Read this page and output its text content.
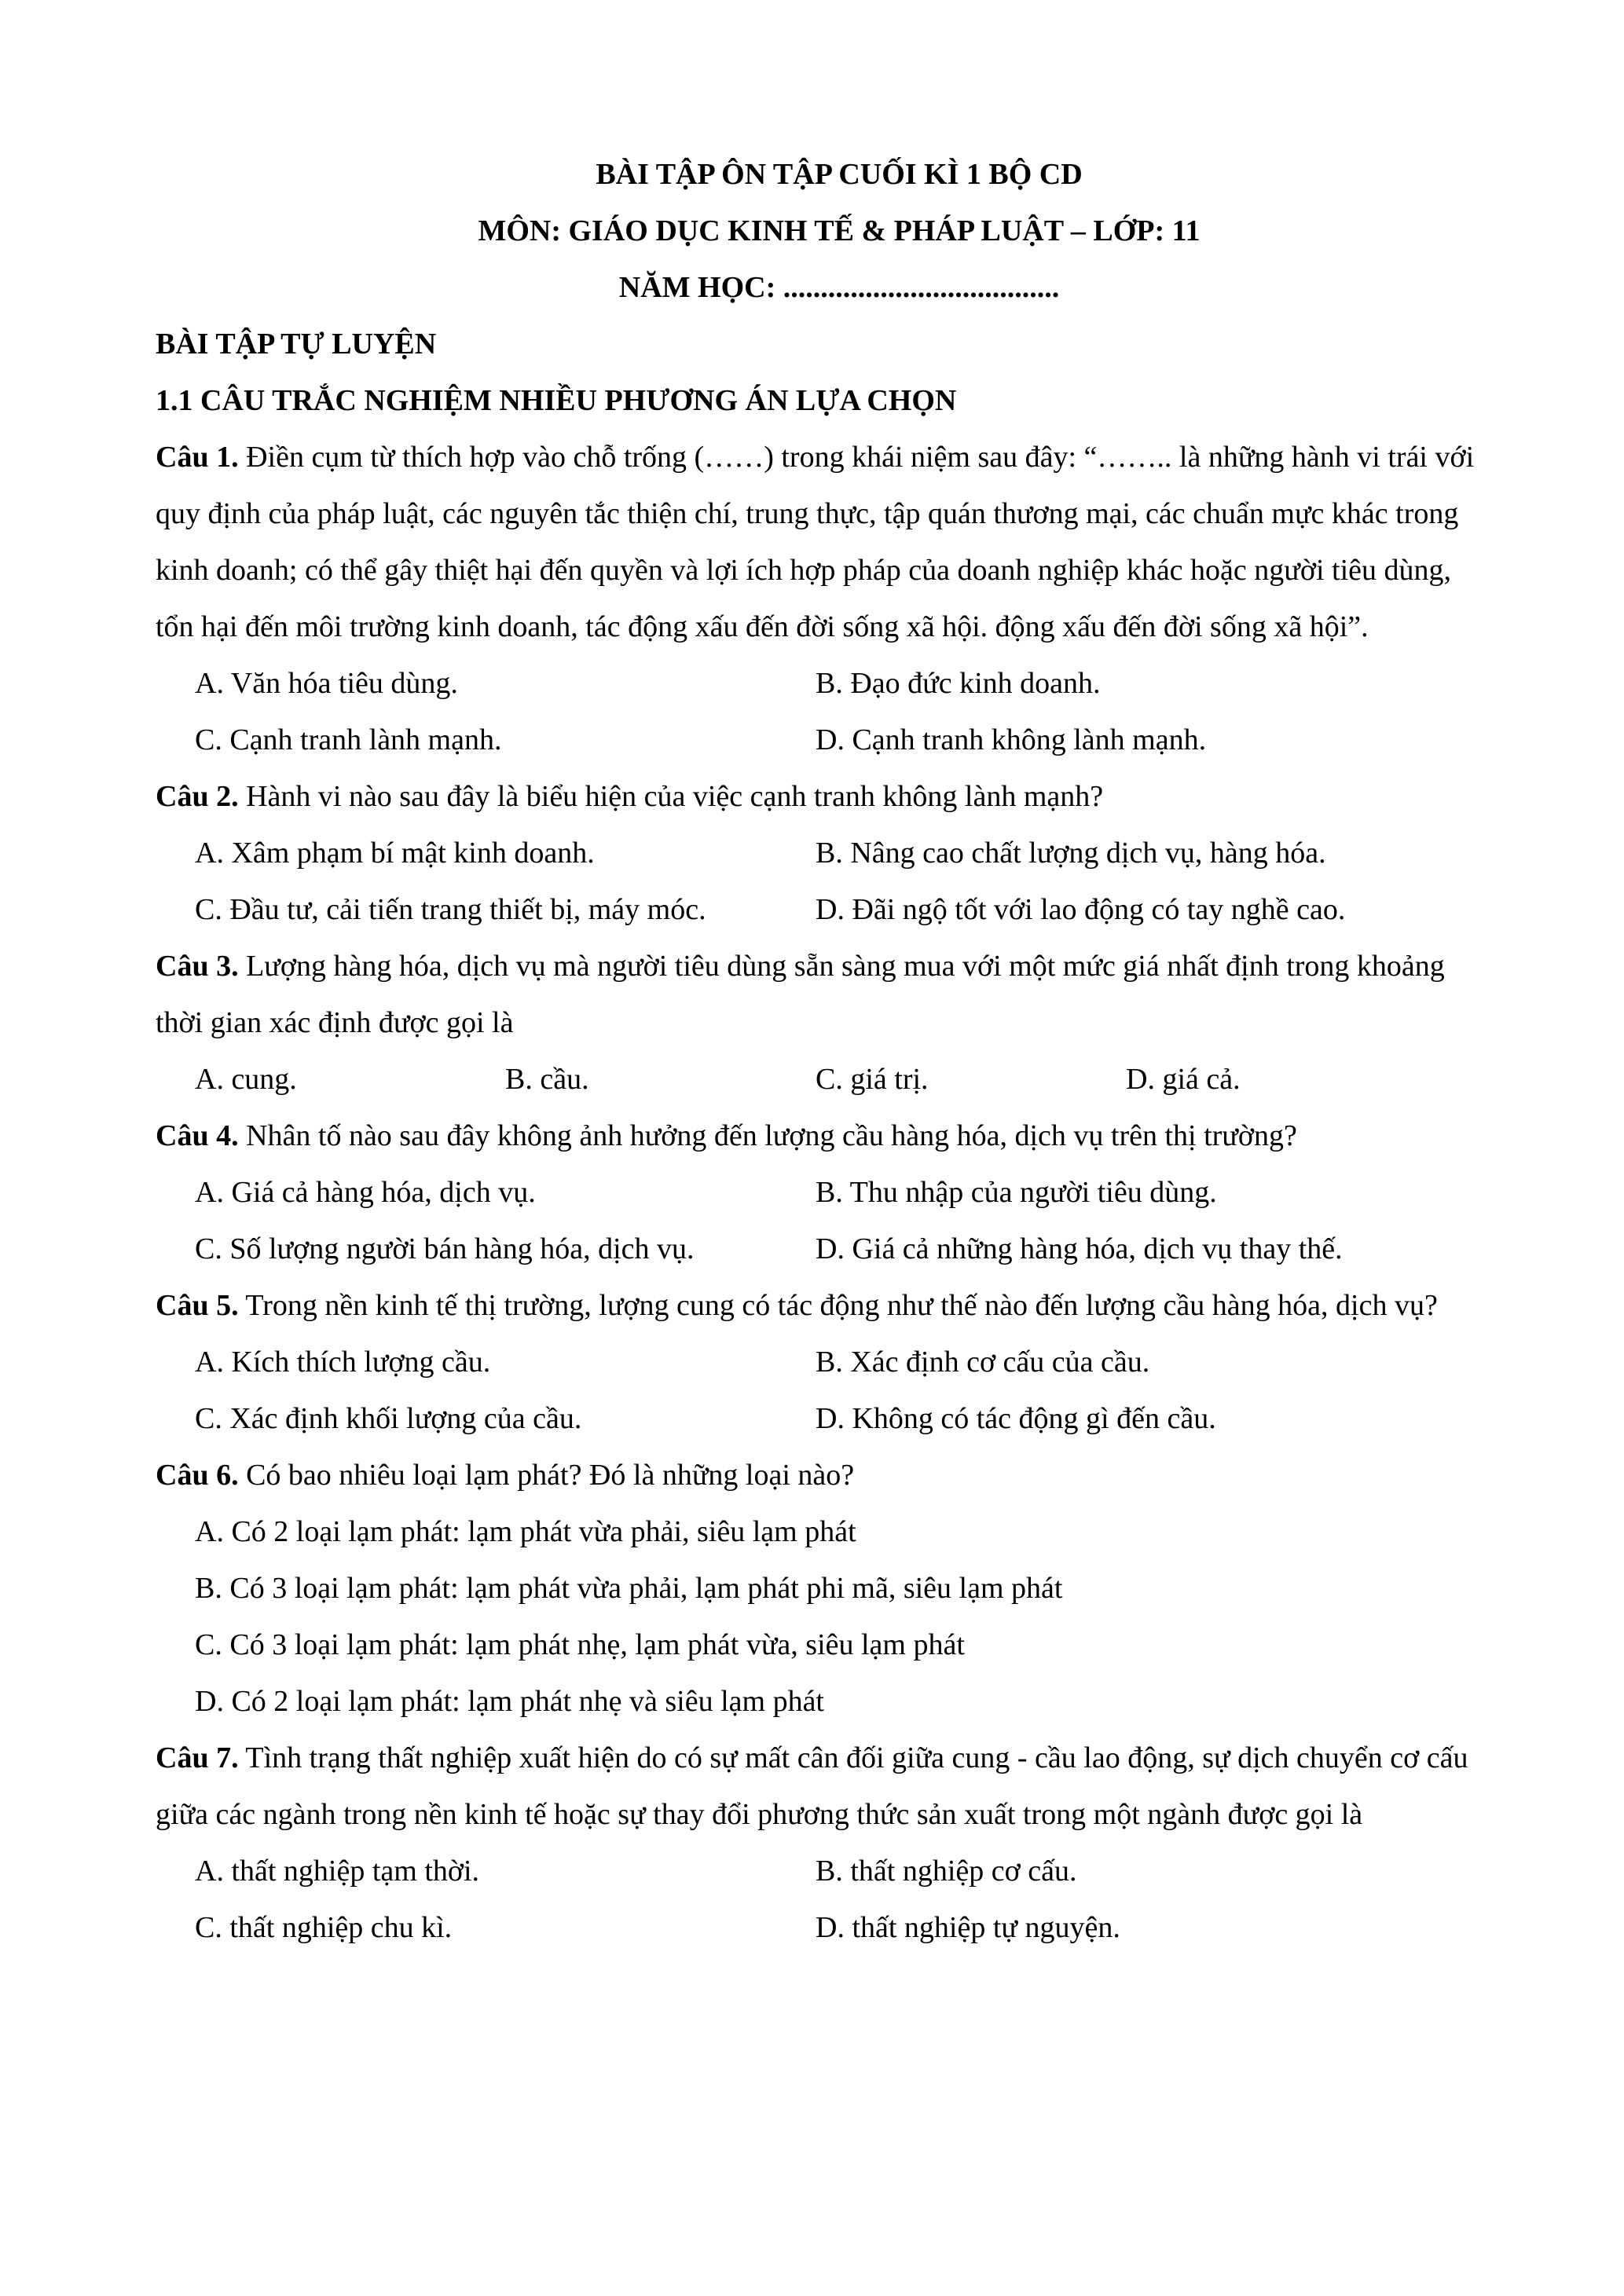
BÀI TẬP ÔN TẬP CUỐI KÌ 1 BỘ CD

MÔN: GIÁO DỤC KINH TẾ & PHÁP LUẬT – LỚP: 11

NĂM HỌC: .....................................

BÀI TẬP TỰ LUYỆN

1.1 CÂU TRẮC NGHIỆM NHIỀU PHƯƠNG ÁN LỰA CHỌN

Câu 1. Điền cụm từ thích hợp vào chỗ trống (……) trong khái niệm sau đây: “…….. là những hành vi trái với quy định của pháp luật, các nguyên tắc thiện chí, trung thực, tập quán thương mại, các chuẩn mực khác trong kinh doanh; có thể gây thiệt hại đến quyền và lợi ích hợp pháp của doanh nghiệp khác hoặc người tiêu dùng, tổn hại đến môi trường kinh doanh, tác động xấu đến đời sống xã hội. động xấu đến đời sống xã hội”.

A. Văn hóa tiêu dùng.	B. Đạo đức kinh doanh.
C. Cạnh tranh lành mạnh.	D. Cạnh tranh không lành mạnh.

Câu 2. Hành vi nào sau đây là biểu hiện của việc cạnh tranh không lành mạnh?

A. Xâm phạm bí mật kinh doanh.	B. Nâng cao chất lượng dịch vụ, hàng hóa.
C. Đầu tư, cải tiến trang thiết bị, máy móc.	D. Đãi ngộ tốt với lao động có tay nghề cao.

Câu 3. Lượng hàng hóa, dịch vụ mà người tiêu dùng sẵn sàng mua với một mức giá nhất định trong khoảng thời gian xác định được gọi là

A. cung.	B. cầu.	C. giá trị.	D. giá cả.

Câu 4. Nhân tố nào sau đây không ảnh hưởng đến lượng cầu hàng hóa, dịch vụ trên thị trường?

A. Giá cả hàng hóa, dịch vụ.	B. Thu nhập của người tiêu dùng.
C. Số lượng người bán hàng hóa, dịch vụ.	D. Giá cả những hàng hóa, dịch vụ thay thế.

Câu 5. Trong nền kinh tế thị trường, lượng cung có tác động như thế nào đến lượng cầu hàng hóa, dịch vụ?

A. Kích thích lượng cầu.	B. Xác định cơ cấu của cầu.
C. Xác định khối lượng của cầu.	D. Không có tác động gì đến cầu.

Câu 6. Có bao nhiêu loại lạm phát? Đó là những loại nào?

A. Có 2 loại lạm phát: lạm phát vừa phải, siêu lạm phát
B. Có 3 loại lạm phát: lạm phát vừa phải, lạm phát phi mã, siêu lạm phát
C. Có 3 loại lạm phát: lạm phát nhẹ, lạm phát vừa, siêu lạm phát
D. Có 2 loại lạm phát: lạm phát nhẹ và siêu lạm phát

Câu 7. Tình trạng thất nghiệp xuất hiện do có sự mất cân đối giữa cung - cầu lao động, sự dịch chuyển cơ cấu giữa các ngành trong nền kinh tế hoặc sự thay đổi phương thức sản xuất trong một ngành được gọi là

A. thất nghiệp tạm thời.	B. thất nghiệp cơ cấu.
C. thất nghiệp chu kì.	D. thất nghiệp tự nguyện.
